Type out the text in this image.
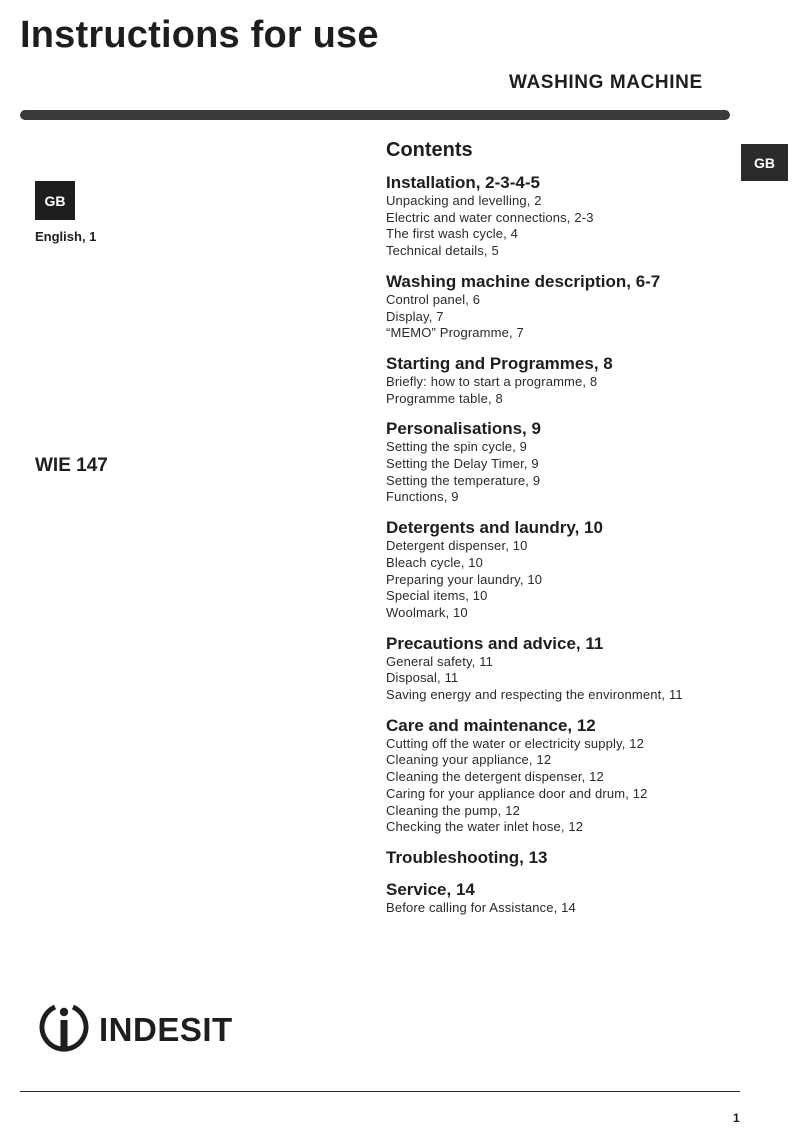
Instructions for use
WASHING MACHINE
GB
GB
English, 1
WIE 147
Contents
Installation, 2-3-4-5
Unpacking and levelling, 2
Electric and water connections, 2-3
The first wash cycle, 4
Technical details, 5
Washing machine description, 6-7
Control panel, 6
Display, 7
“MEMO” Programme, 7
Starting and Programmes, 8
Briefly: how to start a programme, 8
Programme table, 8
Personalisations, 9
Setting the spin cycle, 9
Setting the Delay Timer, 9
Setting the temperature, 9
Functions, 9
Detergents and laundry, 10
Detergent dispenser, 10
Bleach cycle, 10
Preparing your laundry, 10
Special items, 10
Woolmark, 10
Precautions and advice, 11
General safety, 11
Disposal, 11
Saving energy and respecting the environment, 11
Care and maintenance, 12
Cutting off the water or electricity supply, 12
Cleaning your appliance, 12
Cleaning the detergent dispenser, 12
Caring for your appliance door and drum, 12
Cleaning the pump, 12
Checking the water inlet hose, 12
Troubleshooting, 13
Service, 14
Before calling for Assistance, 14
INDESIT
1
